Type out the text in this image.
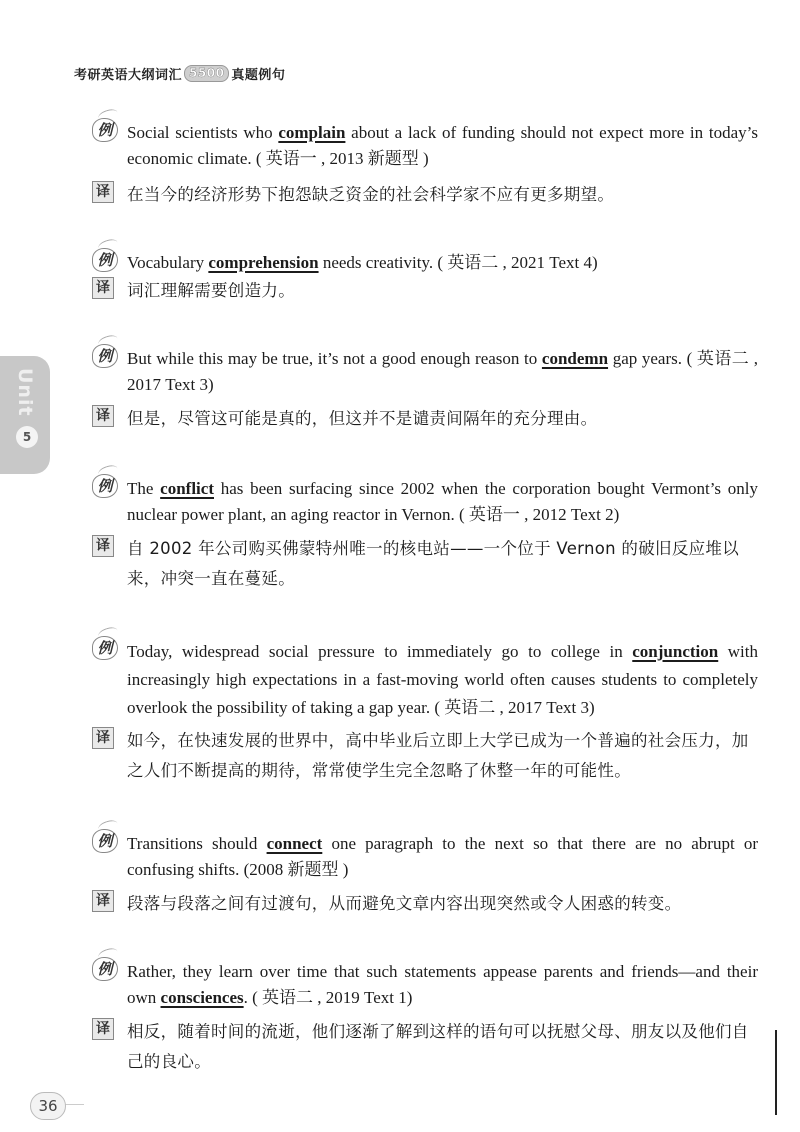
考研英语大纲词汇 5500 真题例句
Unit
5
例 Social scientists who complain about a lack of funding should not expect more in today’s economic climate. ( 英语一 , 2013 新题型 )
译 在当今的经济形势下抱怨缺乏资金的社会科学家不应有更多期望。
例 Vocabulary comprehension needs creativity. ( 英语二 , 2021 Text 4)
译 词汇理解需要创造力。
例 But while this may be true, it’s not a good enough reason to condemn gap years. ( 英语二 , 2017 Text 3)
译 但是，尽管这可能是真的，但这并不是谴责间隔年的充分理由。
例 The conflict has been surfacing since 2002 when the corporation bought Vermont’s only nuclear power plant, an aging reactor in Vernon. ( 英语一 , 2012 Text 2)
译 自 2002 年公司购买佛蒙特州唯一的核电站——一个位于 Vernon 的破旧反应堆以来，冲突一直在蔓延。
例 Today, widespread social pressure to immediately go to college in conjunction with increasingly high expectations in a fast-moving world often causes students to completely overlook the possibility of taking a gap year. ( 英语二 , 2017 Text 3)
译 如今，在快速发展的世界中，高中毕业后立即上大学已成为一个普遍的社会压力，加之人们不断提高的期待，常常使学生完全忽略了休整一年的可能性。
例 Transitions should connect one paragraph to the next so that there are no abrupt or confusing shifts. (2008 新题型 )
译 段落与段落之间有过渡句，从而避免文章内容出现突然或令人困惑的转变。
例 Rather, they learn over time that such statements appease parents and friends—and their own consciences. ( 英语二 , 2019 Text 1)
译 相反，随着时间的流逝，他们逐渐了解到这样的语句可以抚慰父母、朋友以及他们自己的良心。
36
